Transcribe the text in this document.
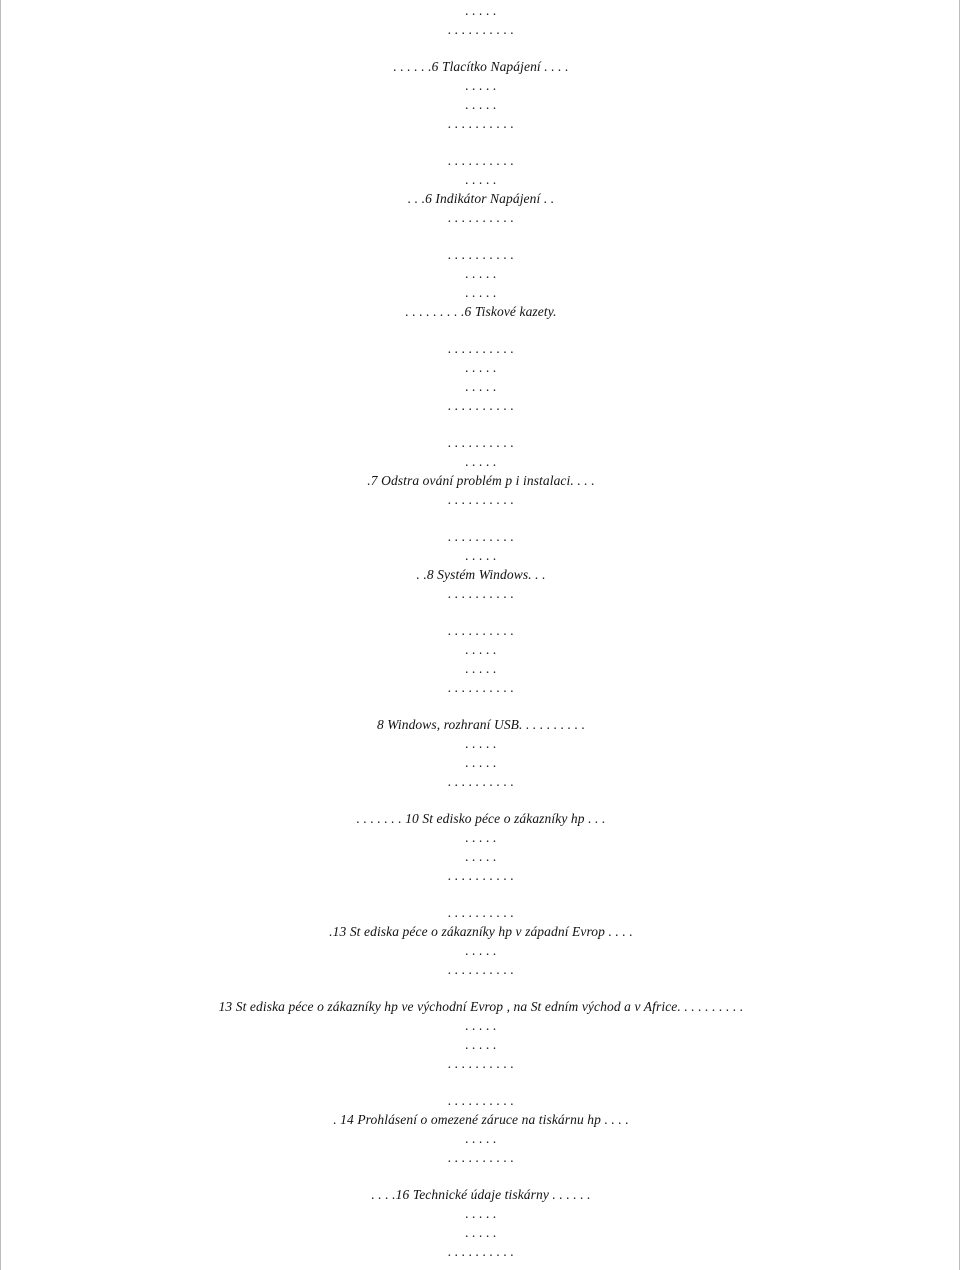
. . . . .
. . . . . . . . . .
. . . . . .6 Tlacítko Napájení . . . .
. . . . .
. . . . .
. . . . . . . . . .
. . . . . . . . . .
. . . . .
. . .6 Indikátor Napájení . .
. . . . . . . . . .
. . . . . . . . . .
. . . . .
. . . . .
. . . . . . . . .6 Tiskové kazety.
. . . . . . . . . .
. . . . .
. . . . .
. . . . . . . . . .
. . . . . . . . . .
. . . . .
.7 Odstra ování problém p i instalaci. . . .
. . . . . . . . . .
. . . . . . . . . .
. . . . .
. .8 Systém Windows. . .
. . . . . . . . . .
. . . . . . . . . .
. . . . .
. . . . .
. . . . . . . . . .
8 Windows, rozhraní USB. . . . . . . . . .
. . . . .
. . . . .
. . . . . . . . . .
. . . . . . . 10 St edisko péce o zákazníky hp . . .
. . . . .
. . . . .
. . . . . . . . . .
. . . . . . . . . .
.13 St ediska péce o zákazníky hp v západní Evrop . . . .
. . . . .
. . . . . . . . . .
13 St ediska péce o zákazníky hp ve východní Evrop , na St edním východ a v Africe. . . . . . . . . .
. . . . .
. . . . .
. . . . . . . . . .
. . . . . . . . . .
. 14 Prohlásení o omezené záruce na tiskárnu hp . . . .
. . . . .
. . . . . . . . . .
. . . .16 Technické údaje tiskárny . . . . . .
. . . . .
. . . . .
. . . . . . . . . .
